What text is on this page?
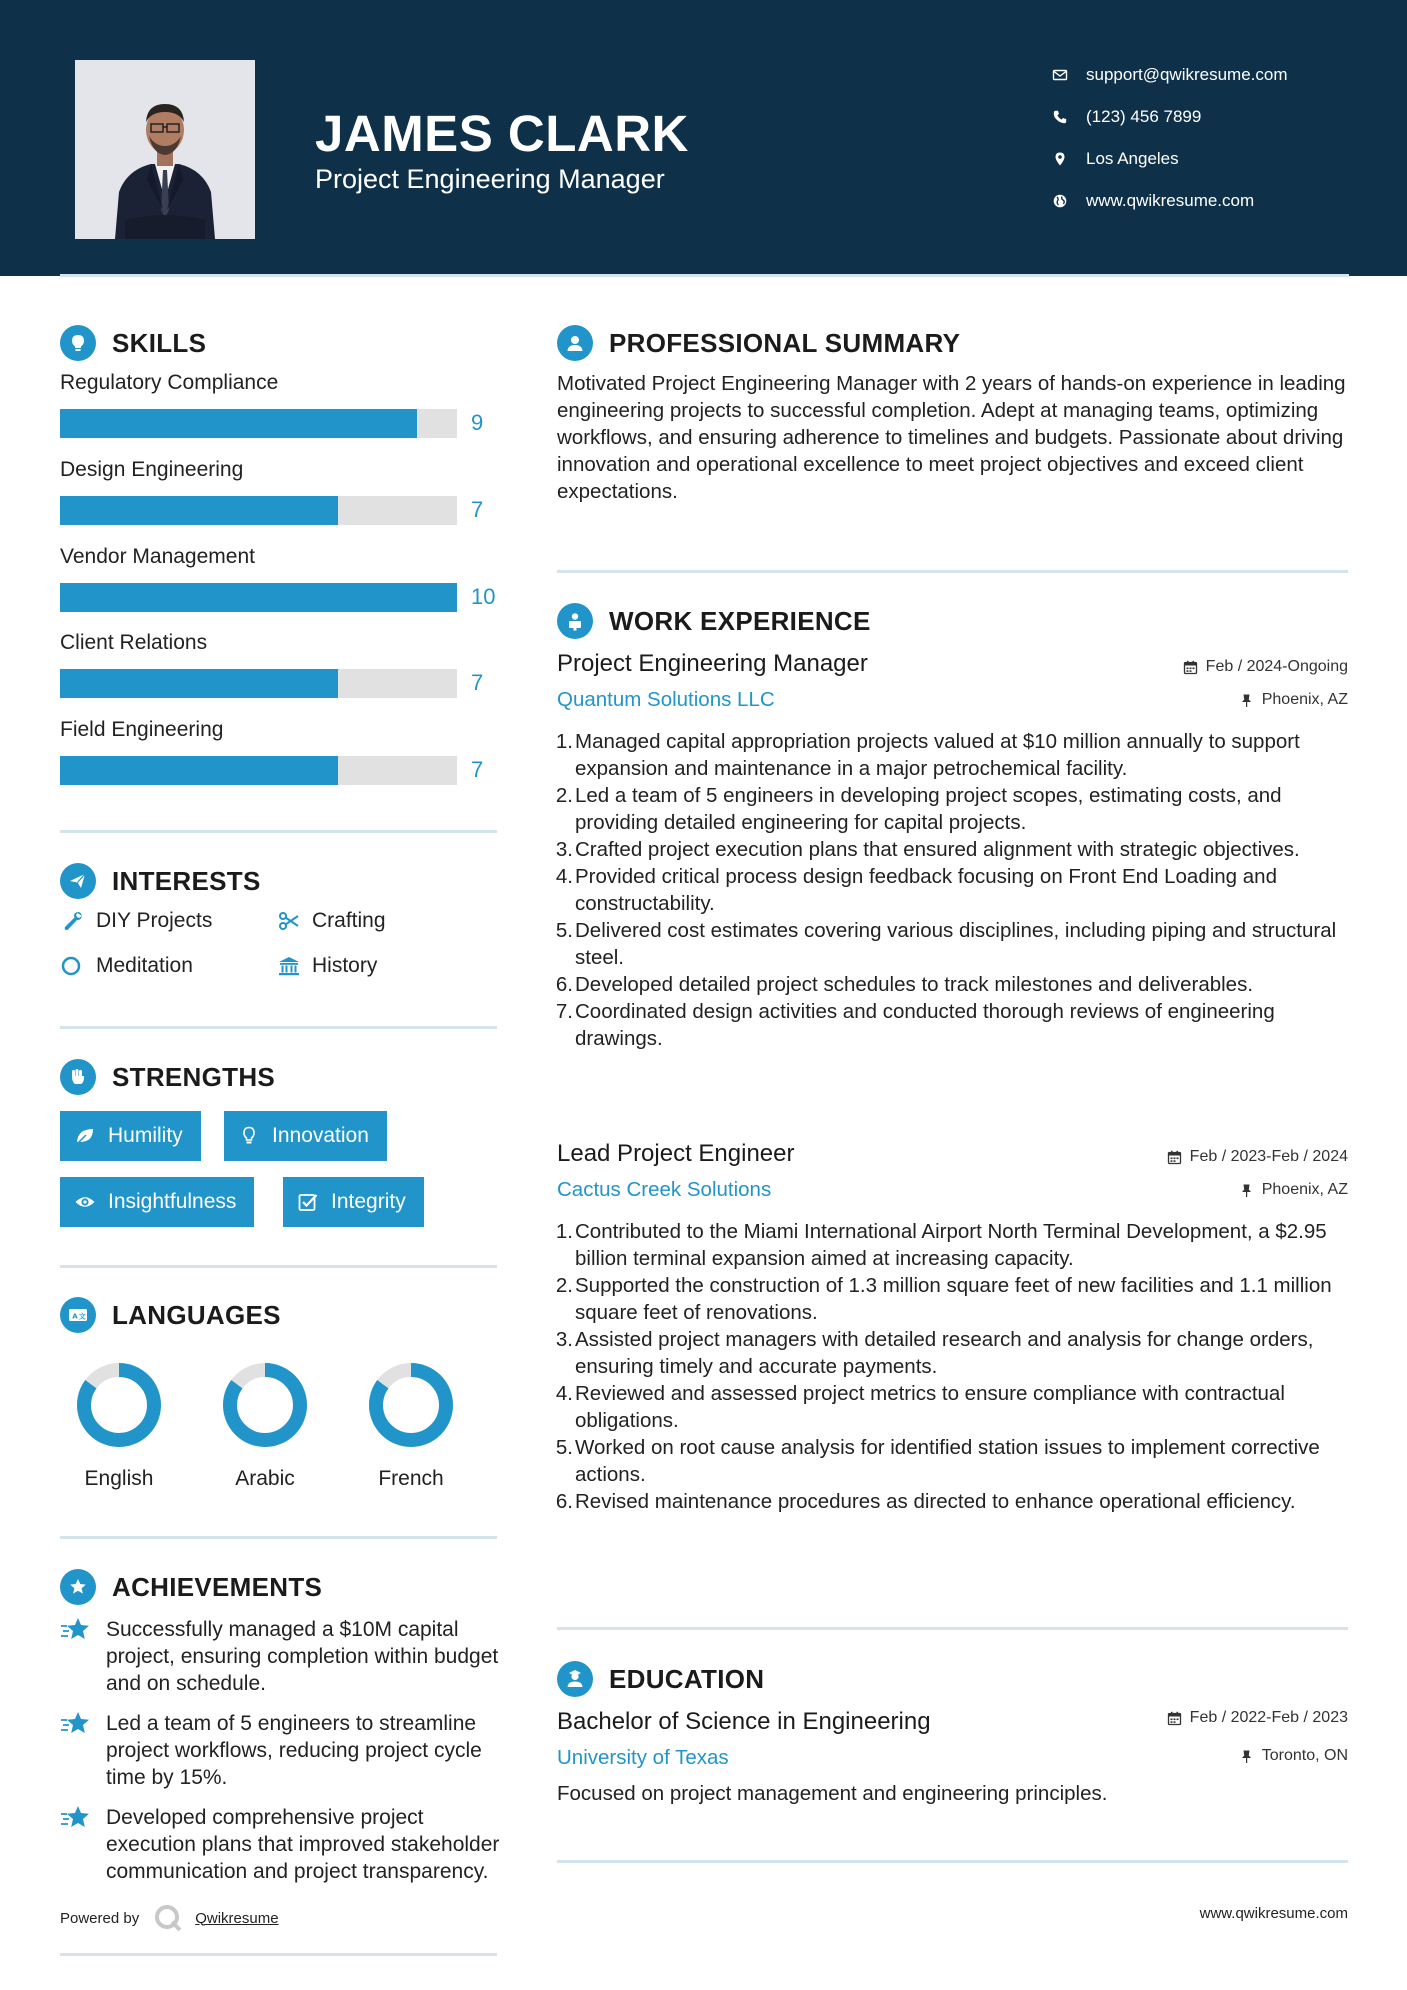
JAMES CLARK
Project Engineering Manager
support@qwikresume.com
(123) 456 7899
Los Angeles
www.qwikresume.com
SKILLS
Regulatory Compliance
9
Design Engineering
7
Vendor Management
10
Client Relations
7
Field Engineering
7
INTERESTS
DIY Projects	Crafting
Meditation	History
STRENGTHS
Humility	Innovation
Insightfulness	Integrity
A 文 LANGUAGES
English	Arabic	French
ACHIEVEMENTS
Successfully managed a $10M capital project, ensuring completion within budget and on schedule.
Led a team of 5 engineers to streamline project workflows, reducing project cycle time by 15%.
Developed comprehensive project execution plans that improved stakeholder communication and project transparency.
PROFESSIONAL SUMMARY
Motivated Project Engineering Manager with 2 years of hands-on experience in leading engineering projects to successful completion. Adept at managing teams, optimizing workflows, and ensuring adherence to timelines and budgets. Passionate about driving innovation and operational excellence to meet project objectives and exceed client expectations.
WORK EXPERIENCE
Project Engineering Manager	Feb / 2024-Ongoing
Quantum Solutions LLC	Phoenix, AZ
1. Managed capital appropriation projects valued at $10 million annually to support expansion and maintenance in a major petrochemical facility.
2. Led a team of 5 engineers in developing project scopes, estimating costs, and providing detailed engineering for capital projects.
3. Crafted project execution plans that ensured alignment with strategic objectives.
4. Provided critical process design feedback focusing on Front End Loading and constructability.
5. Delivered cost estimates covering various disciplines, including piping and structural steel.
6. Developed detailed project schedules to track milestones and deliverables.
7. Coordinated design activities and conducted thorough reviews of engineering drawings.
Lead Project Engineer	Feb / 2023-Feb / 2024
Cactus Creek Solutions	Phoenix, AZ
1. Contributed to the Miami International Airport North Terminal Development, a $2.95 billion terminal expansion aimed at increasing capacity.
2. Supported the construction of 1.3 million square feet of new facilities and 1.1 million square feet of renovations.
3. Assisted project managers with detailed research and analysis for change orders, ensuring timely and accurate payments.
4. Reviewed and assessed project metrics to ensure compliance with contractual obligations.
5. Worked on root cause analysis for identified station issues to implement corrective actions.
6. Revised maintenance procedures as directed to enhance operational efficiency.
EDUCATION
Bachelor of Science in Engineering	Feb / 2022-Feb / 2023
University of Texas	Toronto, ON
Focused on project management and engineering principles.
Powered by	Qwikresume	www.qwikresume.com
